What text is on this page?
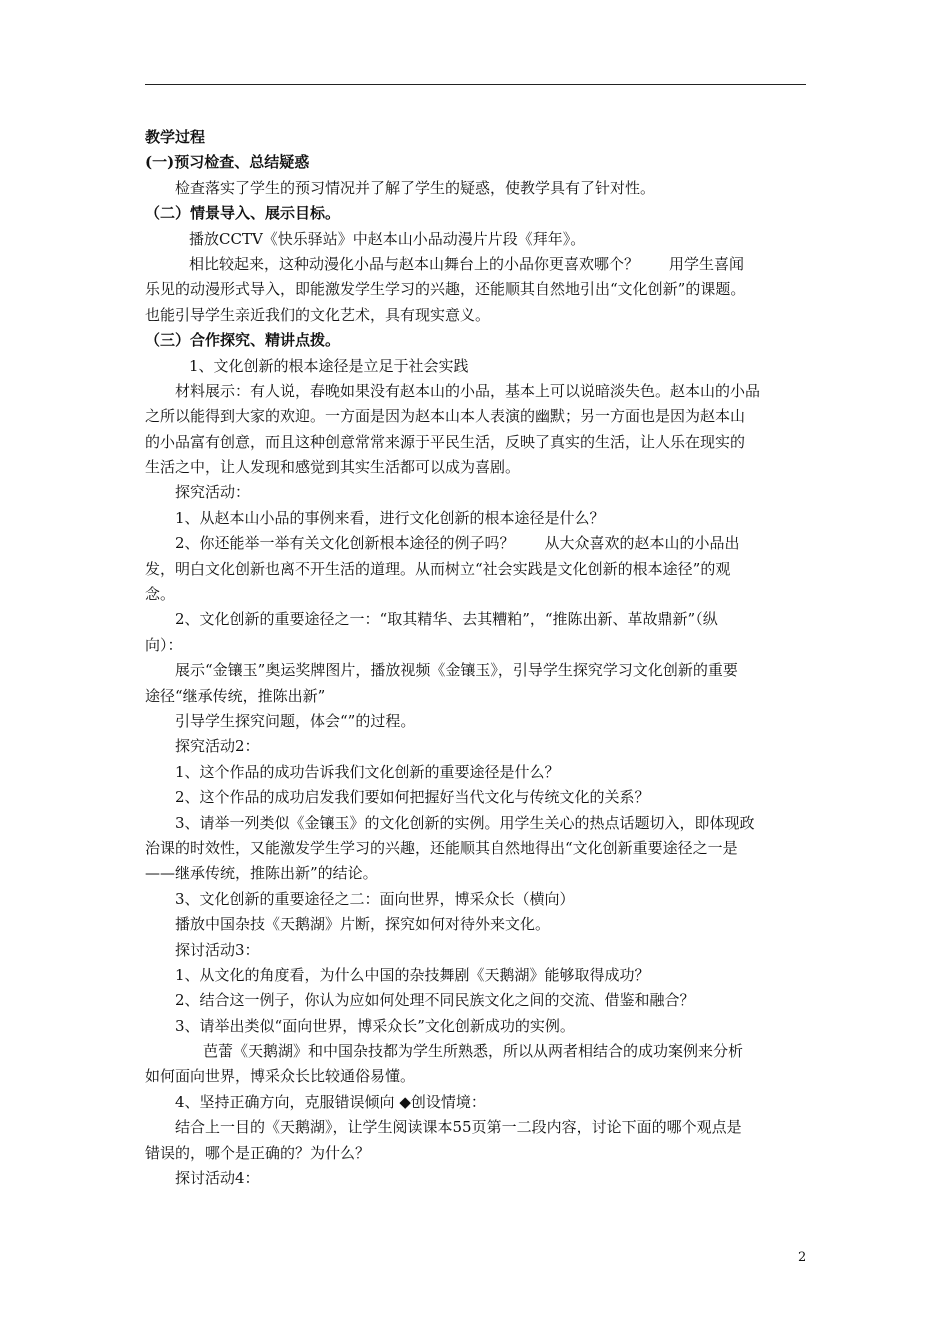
教学过程
(一)预习检查、总结疑惑
检查落实了学生的预习情况并了解了学生的疑惑，使教学具有了针对性。
（二）情景导入、展示目标。
播放CCTV《快乐驿站》中赵本山小品动漫片片段《拜年》。
相比较起来，这种动漫化小品与赵本山舞台上的小品你更喜欢哪个？ 用学生喜闻
乐见的动漫形式导入，即能激发学生学习的兴趣，还能顺其自然地引出“文化创新”的课题。
也能引导学生亲近我们的文化艺术，具有现实意义。
（三）合作探究、精讲点拨。
1、文化创新的根本途径是立足于社会实践
材料展示：有人说，春晚如果没有赵本山的小品，基本上可以说暗淡失色。赵本山的小品
之所以能得到大家的欢迎。一方面是因为赵本山本人表演的幽默；另一方面也是因为赵本山
的小品富有创意，而且这种创意常常来源于平民生活，反映了真实的生活，让人乐在现实的
生活之中，让人发现和感觉到其实生活都可以成为喜剧。
探究活动：
1、从赵本山小品的事例来看，进行文化创新的根本途径是什么？
2、你还能举一举有关文化创新根本途径的例子吗？ 从大众喜欢的赵本山的小品出
发，明白文化创新也离不开生活的道理。从而树立“社会实践是文化创新的根本途径”的观
念。
2、文化创新的重要途径之一：“取其精华、去其糟粕”，“推陈出新、革故鼎新”（纵
向）：
展示“金镶玉”奥运奖牌图片，播放视频《金镶玉》，引导学生探究学习文化创新的重要
途径“继承传统，推陈出新”
引导学生探究问题，体会“”的过程。
探究活动2：
1、这个作品的成功告诉我们文化创新的重要途径是什么？
2、这个作品的成功启发我们要如何把握好当代文化与传统文化的关系？
3、请举一列类似《金镶玉》的文化创新的实例。用学生关心的热点话题切入，即体现政
治课的时效性，又能激发学生学习的兴趣，还能顺其自然地得出“文化创新重要途径之一是
——继承传统，推陈出新”的结论。
3、文化创新的重要途径之二：面向世界，博采众长（横向）
播放中国杂技《天鹅湖》片断，探究如何对待外来文化。
探讨活动3：
1、从文化的角度看，为什么中国的杂技舞剧《天鹅湖》能够取得成功？
2、结合这一例子，你认为应如何处理不同民族文化之间的交流、借鉴和融合？
3、请举出类似“面向世界，博采众长”文化创新成功的实例。
芭蕾《天鹅湖》和中国杂技都为学生所熟悉，所以从两者相结合的成功案例来分析
如何面向世界，博采众长比较通俗易懂。
4、坚持正确方向，克服错误倾向 ◆创设情境：
结合上一目的《天鹅湖》，让学生阅读课本55页第一二段内容，讨论下面的哪个观点是
错误的，哪个是正确的？为什么？
探讨活动4：
2
